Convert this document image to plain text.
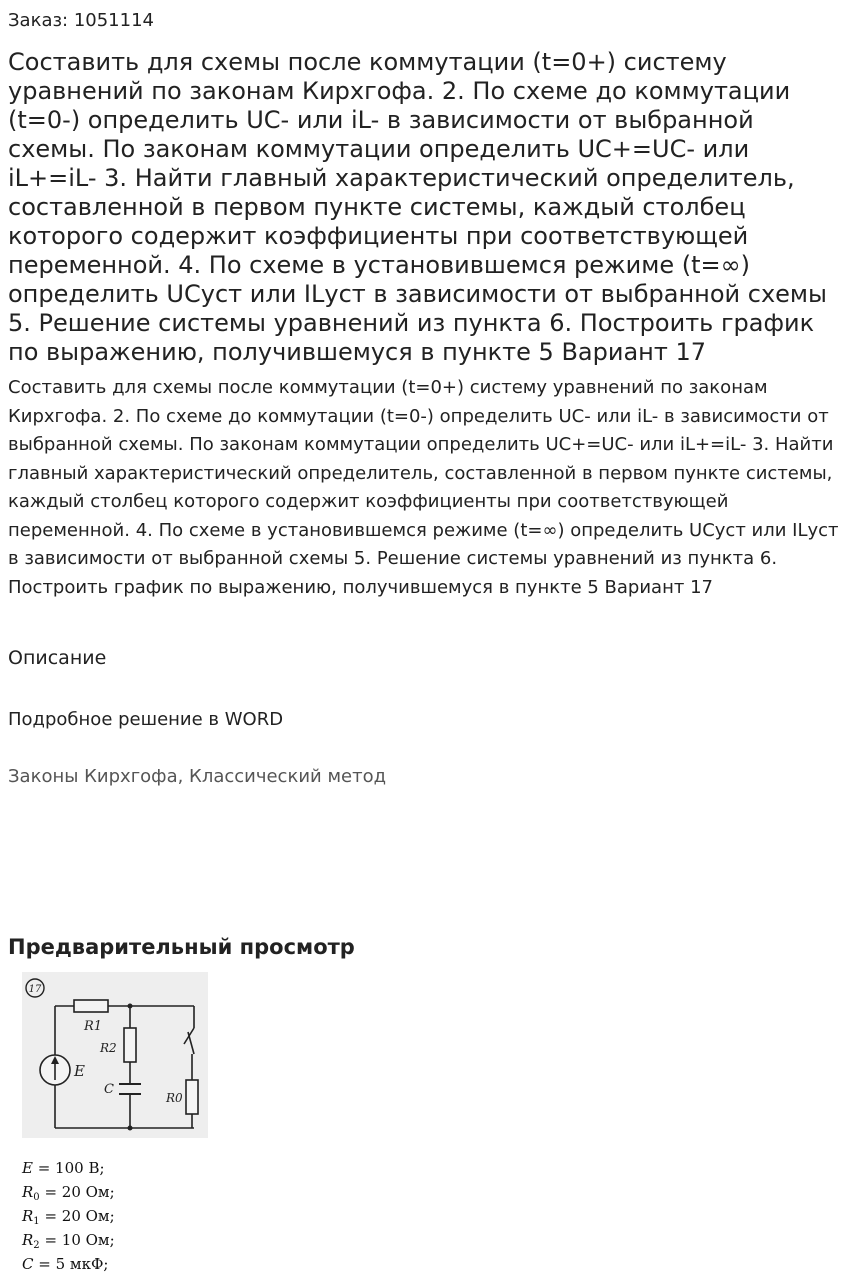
Заказ: 1051114
Составить для схемы после коммутации (t=0+) систему уравнений по законам Кирхгофа. 2. По схеме до коммутации (t=0-) определить UC- или iL- в зависимости от выбранной схемы. По законам коммутации определить UC+=UC- или iL+=iL- 3. Найти главный характеристический определитель, составленной в первом пункте системы, каждый столбец которого содержит коэффициенты при соответствующей переменной. 4. По схеме в установившемся режиме (t=∞) определить UCуст или ILуст в зависимости от выбранной схемы 5. Решение системы уравнений из пункта 6. Построить график по выражению, получившемуся в пункте 5 Вариант 17

Составить для схемы после коммутации (t=0+) систему уравнений по законам Кирхгофа. 2. По схеме до коммутации (t=0-) определить UC- или iL- в зависимости от выбранной схемы. По законам коммутации определить UC+=UC- или iL+=iL- 3. Найти главный характеристический определитель, составленной в первом пункте системы, каждый столбец которого содержит коэффициенты при соответствующей переменной. 4. По схеме в установившемся режиме (t=∞) определить UCуст или ILуст в зависимости от выбранной схемы 5. Решение системы уравнений из пункта 6. Построить график по выражению, получившемуся в пункте 5 Вариант 17

Описание
Подробное решение в WORD
Законы Кирхгофа, Классический метод
Предварительный просмотр
17
R1
R2
C
R0
E
E = 100 В;
$R_0 = 20$ Ом;
$R_1 = 20$ Ом;
$R_2 = 10$ Ом;
C = 5 мкФ;
